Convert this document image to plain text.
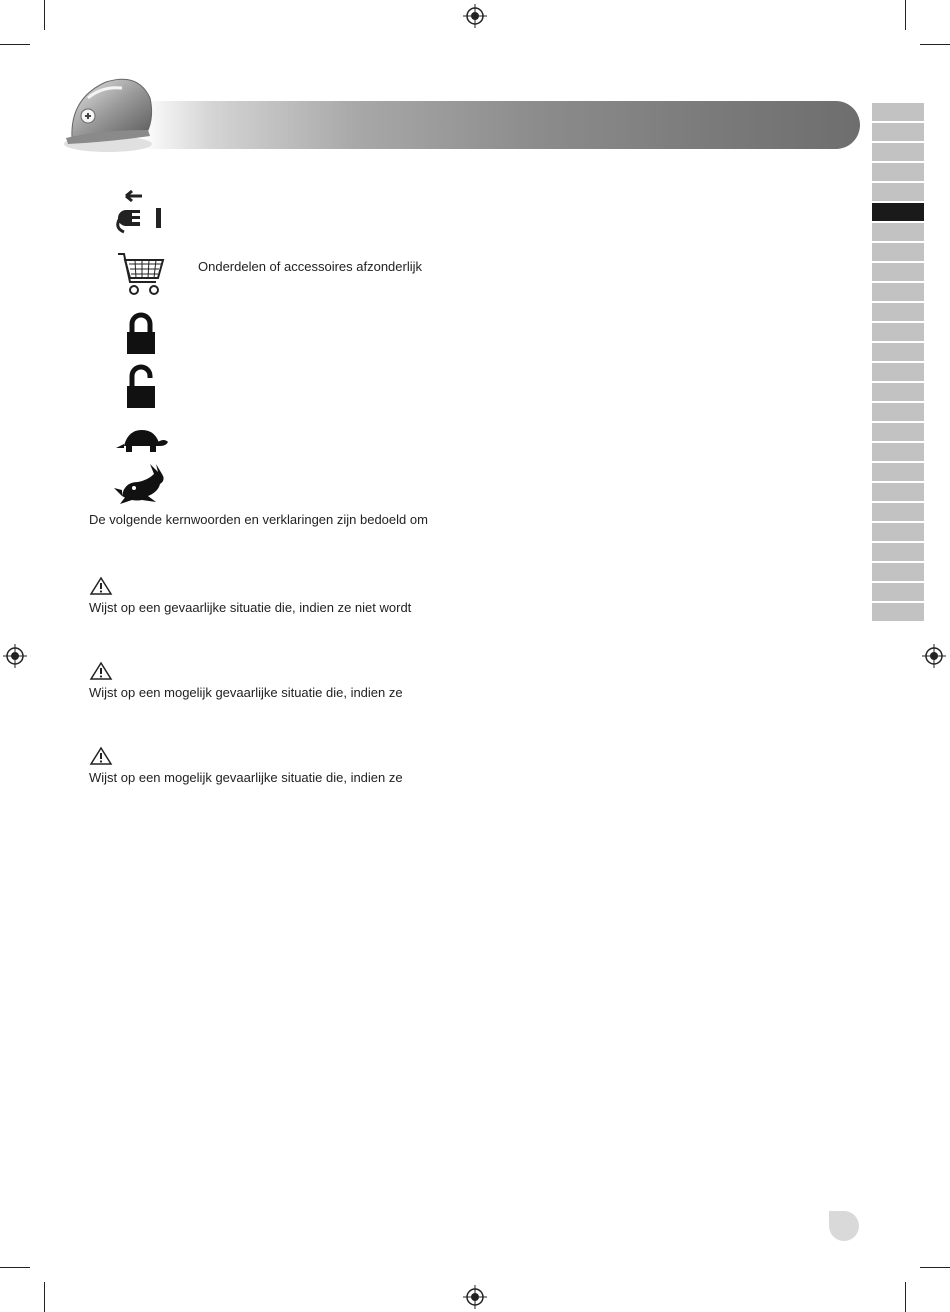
Onderdelen of accessoires afzonderlijk
De volgende kernwoorden en verklaringen zijn bedoeld om
Wijst op een gevaarlijke situatie die, indien ze niet wordt
Wijst op een mogelijk gevaarlijke situatie die, indien ze
Wijst op een mogelijk gevaarlijke situatie die, indien ze
